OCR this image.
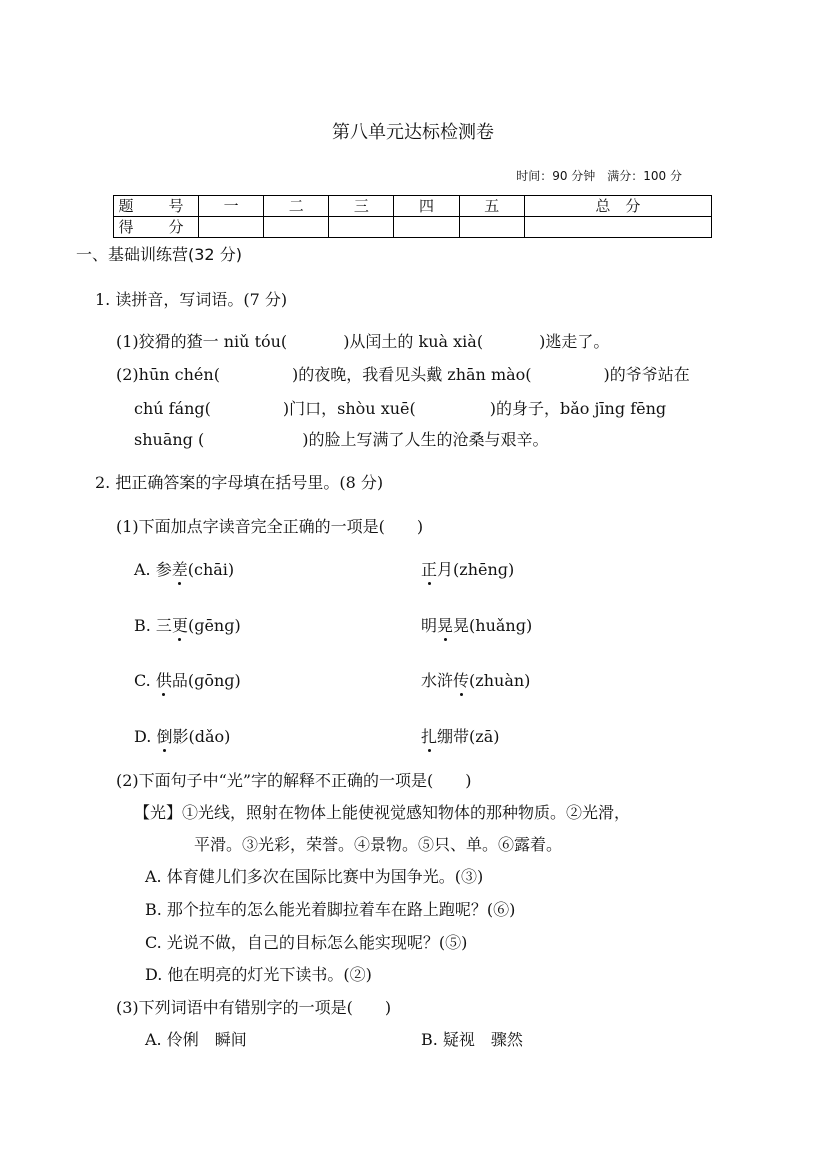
第八单元达标检测卷
时间：90 分钟　满分：100 分
题　号	一	二	三	四	五	总　分
得　分						
一、基础训练营(32 分)
1. 读拼音，写词语。(7 分)
(1)狡猾的猹一 niǔ tóu(	)从闰土的 kuà xià(	)逃走了。
(2)hūn chén(	)的夜晚，我看见头戴 zhān mào(	)的爷爷站在
chú fáng(	)门口，shòu xuē(	)的身子，bǎo jīng fēng
shuāng (	)的脸上写满了人生的沧桑与艰辛。
2. 把正确答案的字母填在括号里。(8 分)
(1)下面加点字读音完全正确的一项是(　　)
A. 参差(chāi)	正月(zhēnɡ)
B. 三更(ɡēnɡ)	明晃晃(huǎnɡ)
C. 供品(ɡōnɡ)	水浒传(zhuàn)
D. 倒影(dǎo)	扎绷带(zā)
(2)下面句子中“光”字的解释不正确的一项是(　　)
【光】①光线，照射在物体上能使视觉感知物体的那种物质。②光滑，
平滑。③光彩，荣誉。④景物。⑤只、单。⑥露着。
A. 体育健儿们多次在国际比赛中为国争光。(③)
B. 那个拉车的怎么能光着脚拉着车在路上跑呢？(⑥)
C. 光说不做，自己的目标怎么能实现呢？(⑤)
D. 他在明亮的灯光下读书。(②)
(3)下列词语中有错别字的一项是(　　)
A. 伶俐　瞬间	B. 疑视　骤然
